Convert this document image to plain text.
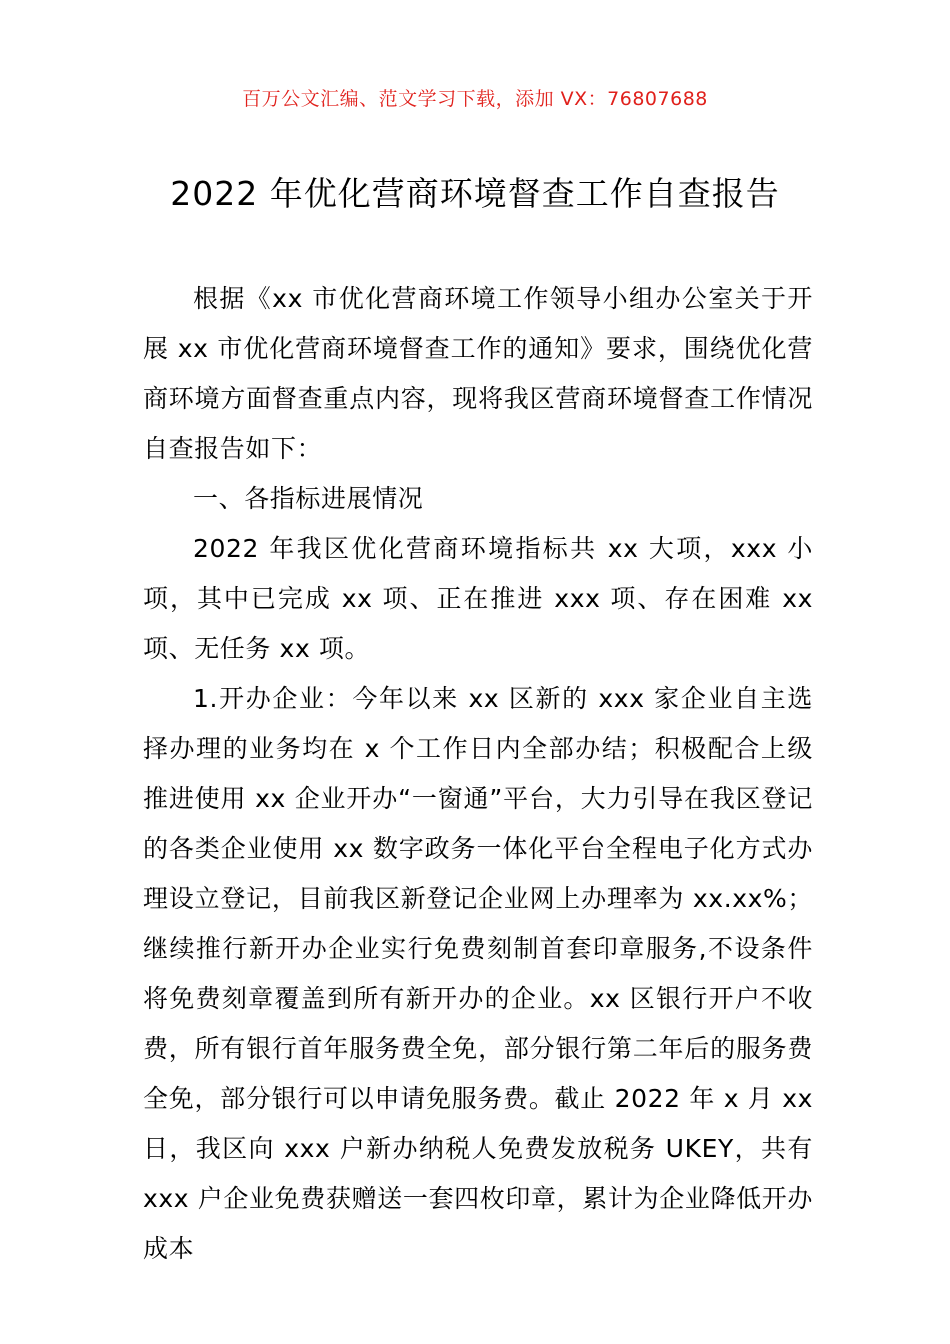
百万公文汇编、范文学习下载，添加 VX：76807688
2022 年优化营商环境督查工作自查报告

根据《xx 市优化营商环境工作领导小组办公室关于开展 xx 市优化营商环境督查工作的通知》要求，围绕优化营商环境方面督查重点内容，现将我区营商环境督查工作情况自查报告如下：

一、各指标进展情况

2022 年我区优化营商环境指标共 xx 大项，xxx 小项，其中已完成 xx 项、正在推进 xxx 项、存在困难 xx 项、无任务 xx 项。

1.开办企业：今年以来 xx 区新的 xxx 家企业自主选择办理的业务均在 x 个工作日内全部办结；积极配合上级推进使用 xx 企业开办“一窗通”平台，大力引导在我区登记的各类企业使用 xx 数字政务一体化平台全程电子化方式办理设立登记，目前我区新登记企业网上办理率为 xx.xx%；继续推行新开办企业实行免费刻制首套印章服务,不设条件将免费刻章覆盖到所有新开办的企业。xx 区银行开户不收费，所有银行首年服务费全免，部分银行第二年后的服务费全免，部分银行可以申请免服务费。截止 2022 年 x 月 xx 日，我区向 xxx 户新办纳税人免费发放税务 UKEY，共有 xxx 户企业免费获赠送一套四枚印章，累计为企业降低开办成本
